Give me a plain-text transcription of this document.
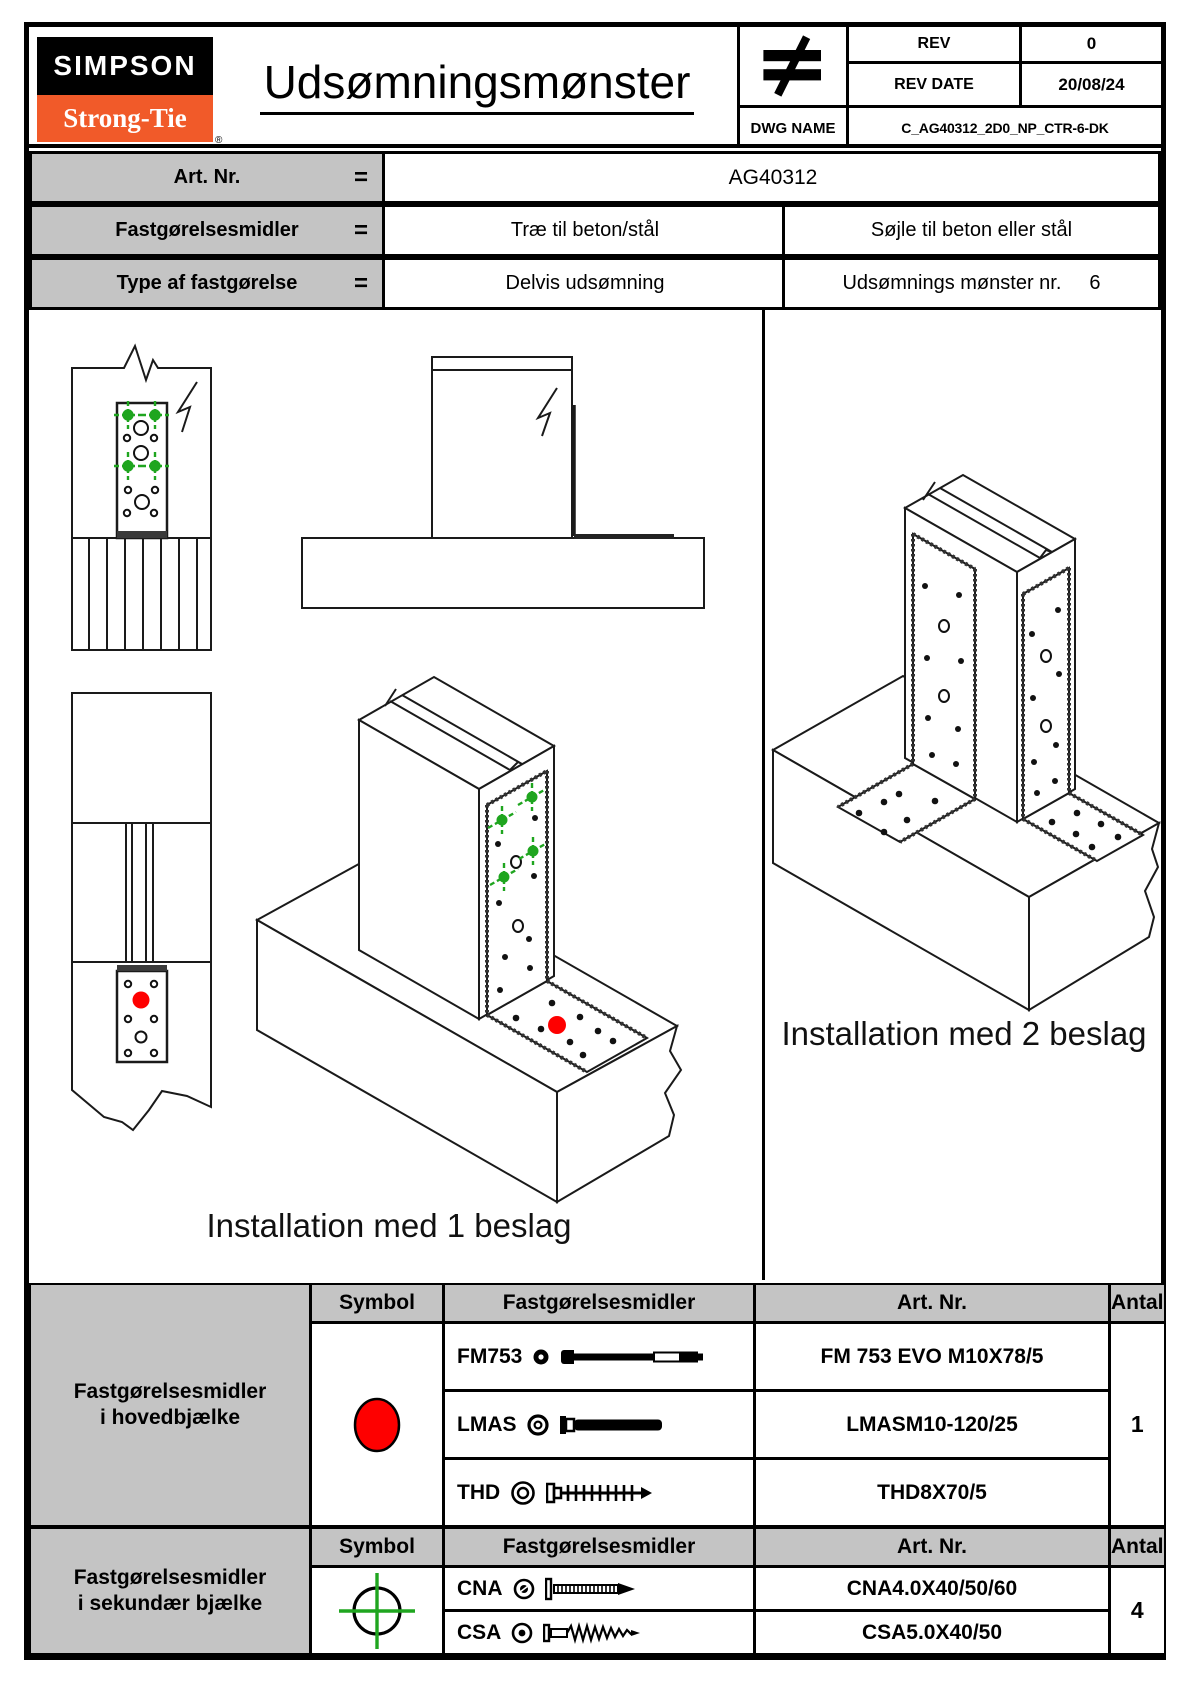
SIMPSON
Strong-Tie
®
Udsømningsmønster
DWG NAME
REV	0
REV DATE	20/08/24
C_AG40312_2D0_NP_CTR-6-DK
Art. Nr.	=	AG40312
Fastgørelsesmidler =	Træ til beton/stål	Søjle til beton eller stål
Type af fastgørelse =	Delvis udsømning	Udsømnings mønster nr. 6
Installation med 1 beslag
Installation med 2 beslag
Fastgørelsesmidler
i hovedbjælke
Symbol	Fastgørelsesmidler	Art. Nr.	Antal
FM753	FM 753 EVO M10X78/5
LMAS	LMASM10-120/25
THD	THD8X70/5
1
Fastgørelsesmidler
i sekundær bjælke
Symbol	Fastgørelsesmidler	Art. Nr.	Antal
CNA	CNA4.0X40/50/60
CSA	CSA5.0X40/50
4
